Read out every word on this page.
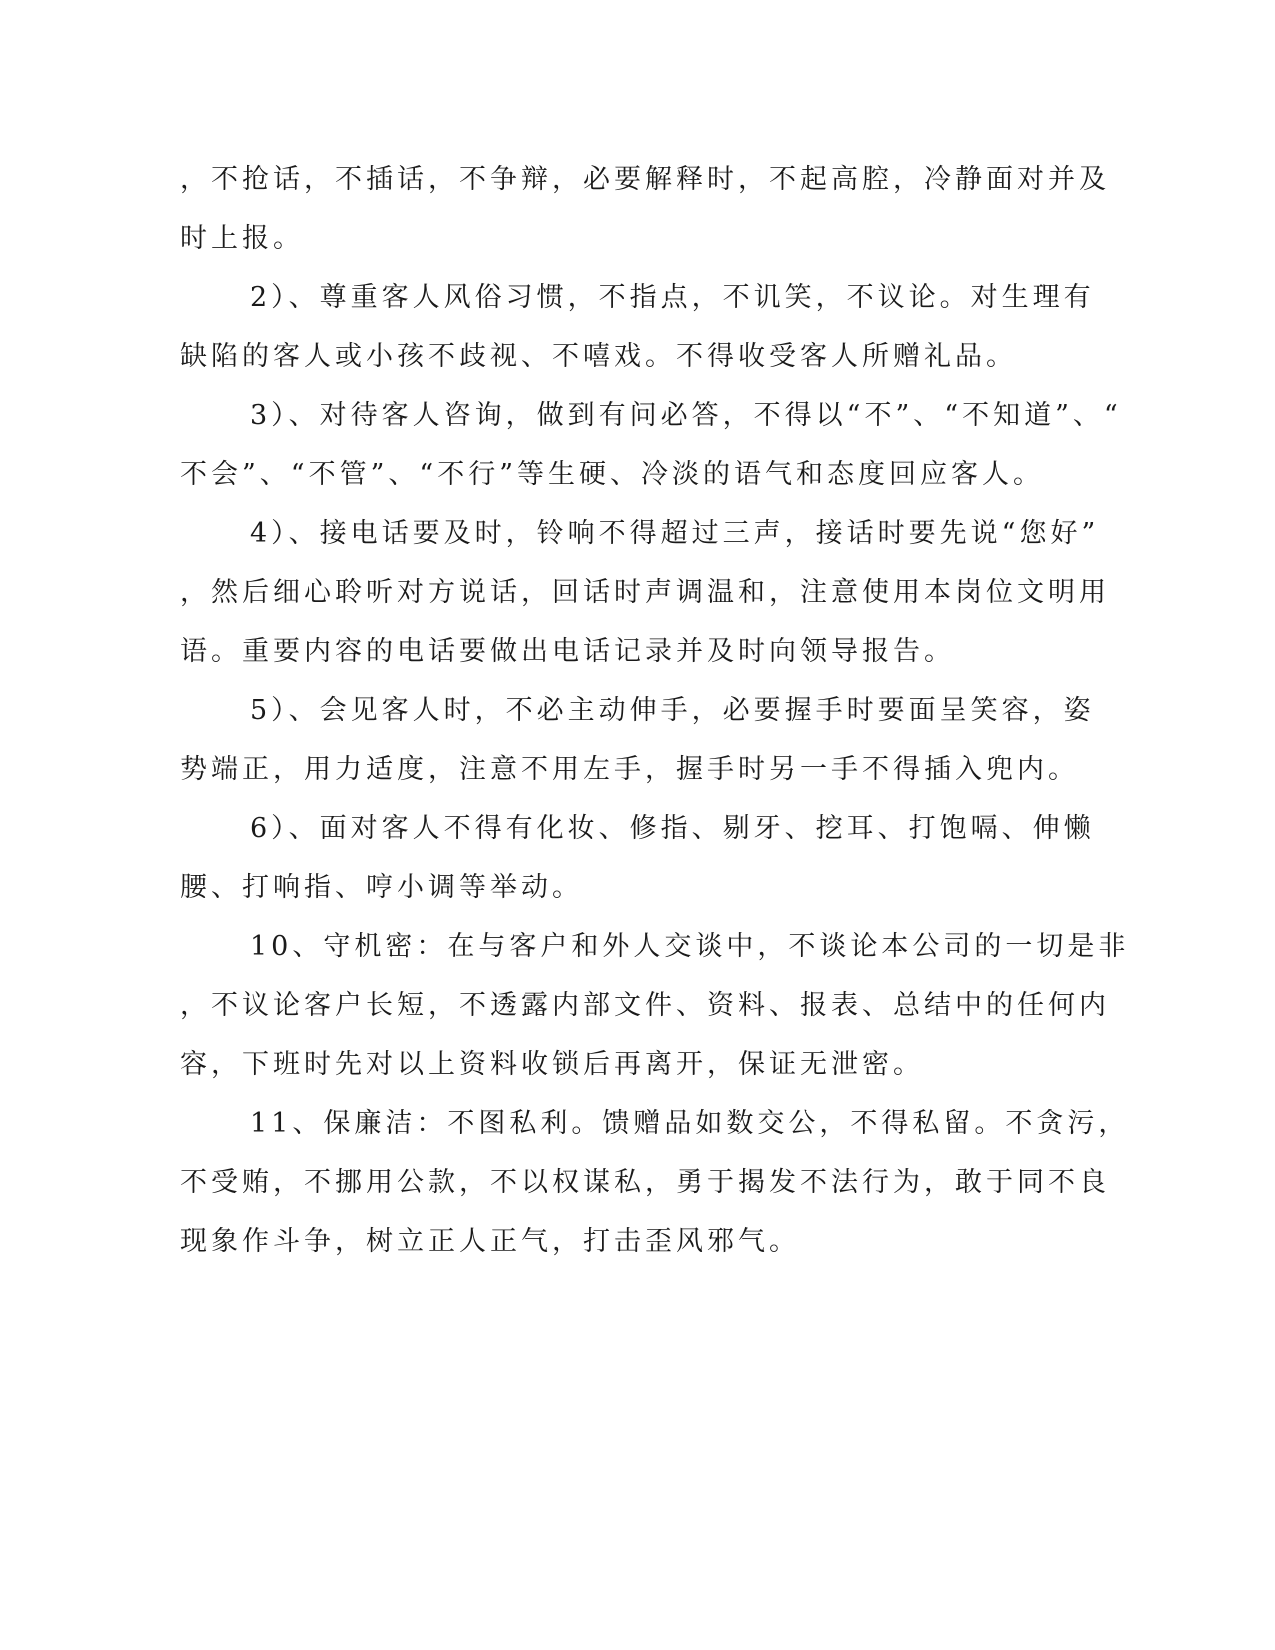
，不抢话，不插话，不争辩，必要解释时，不起高腔，冷静面对并及
时上报。
2）、尊重客人风俗习惯，不指点，不讥笑，不议论。对生理有
缺陷的客人或小孩不歧视、不嘻戏。不得收受客人所赠礼品。
3）、对待客人咨询，做到有问必答，不得以“不”、“不知道”、“
不会”、“不管”、“不行”等生硬、冷淡的语气和态度回应客人。
4）、接电话要及时，铃响不得超过三声，接话时要先说“您好”
，然后细心聆听对方说话，回话时声调温和，注意使用本岗位文明用
语。重要内容的电话要做出电话记录并及时向领导报告。
5）、会见客人时，不必主动伸手，必要握手时要面呈笑容，姿
势端正，用力适度，注意不用左手，握手时另一手不得插入兜内。
6）、面对客人不得有化妆、修指、剔牙、挖耳、打饱嗝、伸懒
腰、打响指、哼小调等举动。
10、守机密：在与客户和外人交谈中，不谈论本公司的一切是非
，不议论客户长短，不透露内部文件、资料、报表、总结中的任何内
容，下班时先对以上资料收锁后再离开，保证无泄密。
11、保廉洁：不图私利。馈赠品如数交公，不得私留。不贪污，
不受贿，不挪用公款，不以权谋私，勇于揭发不法行为，敢于同不良
现象作斗争，树立正人正气，打击歪风邪气。
